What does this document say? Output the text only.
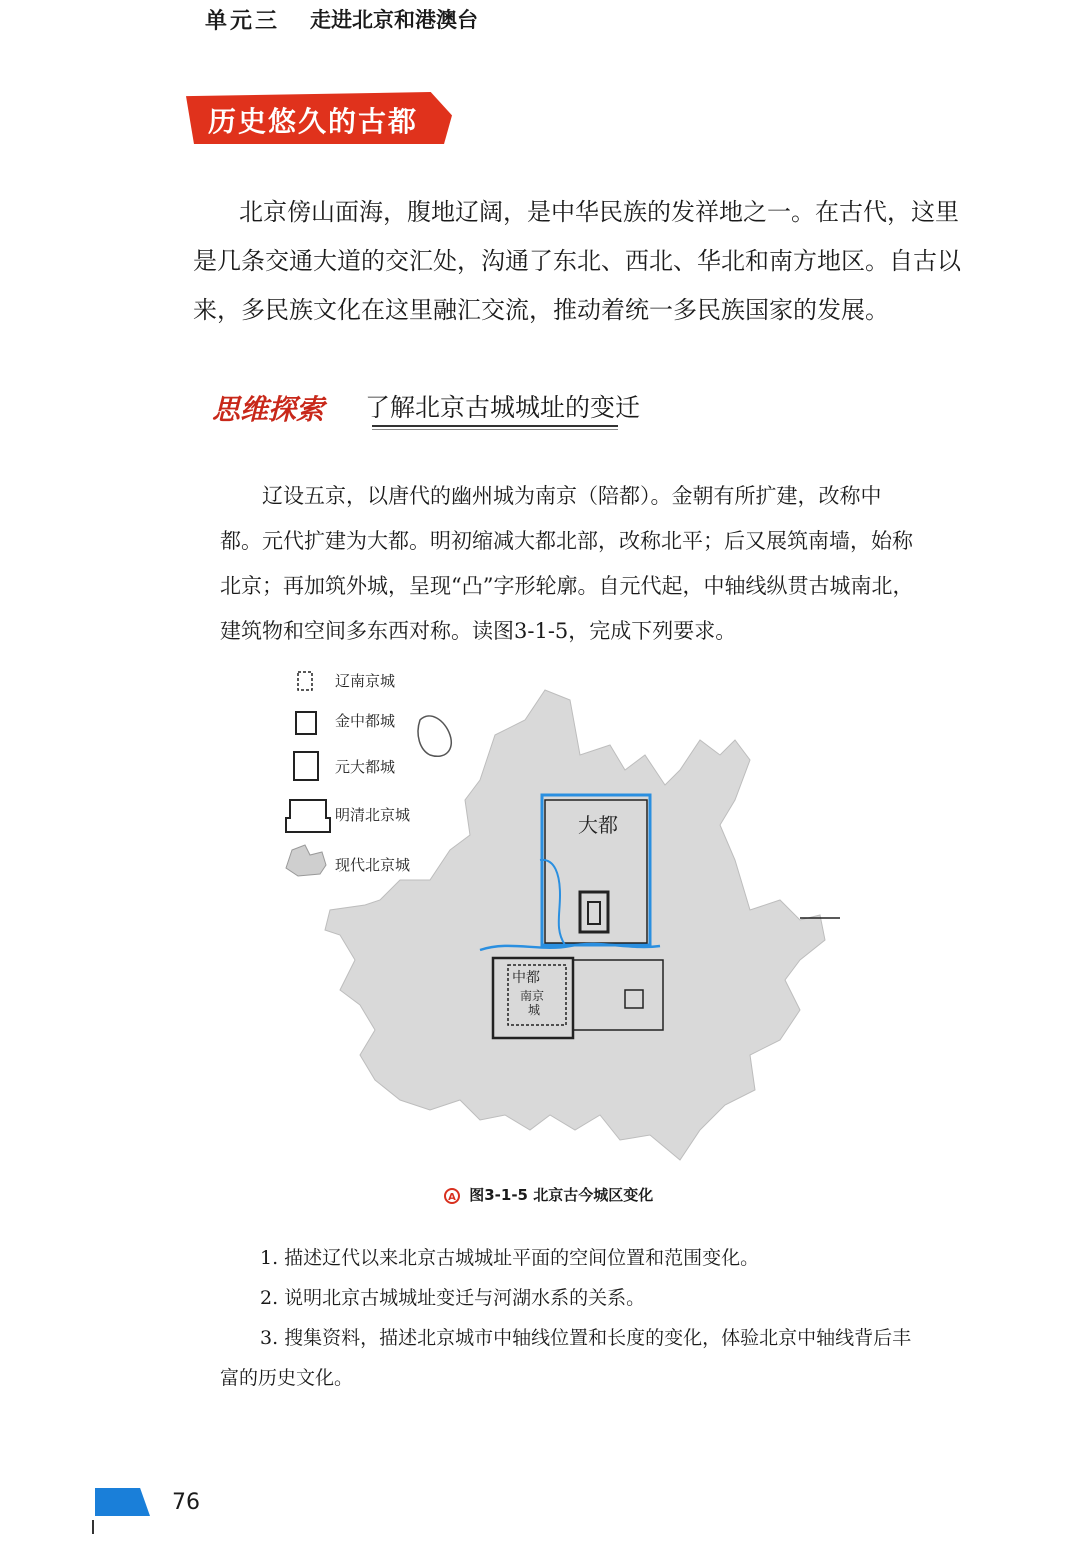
单元三 走进北京和港澳台
历史悠久的古都
北京傍山面海，腹地辽阔，是中华民族的发祥地之一。在古代，这里是几条交通大道的交汇处，沟通了东北、西北、华北和南方地区。自古以来，多民族文化在这里融汇交流，推动着统一多民族国家的发展。
思维探索 了解北京古城城址的变迁
辽设五京，以唐代的幽州城为南京（陪都）。金朝有所扩建，改称中都。元代扩建为大都。明初缩减大都北部，改称北平；后又展筑南墙，始称北京；再加筑外城，呈现“凸”字形轮廓。自元代起，中轴线纵贯古城南北，建筑物和空间多东西对称。读图3-1-5，完成下列要求。
辽南京城
金中都城
元大都城
明清北京城
现代北京城
大都
中都
南京
城
A 图3-1-5 北京古今城区变化

1. 描述辽代以来北京古城城址平面的空间位置和范围变化。

2. 说明北京古城城址变迁与河湖水系的关系。

3. 搜集资料，描述北京城市中轴线位置和长度的变化，体验北京中轴线背后丰富的历史文化。

76
